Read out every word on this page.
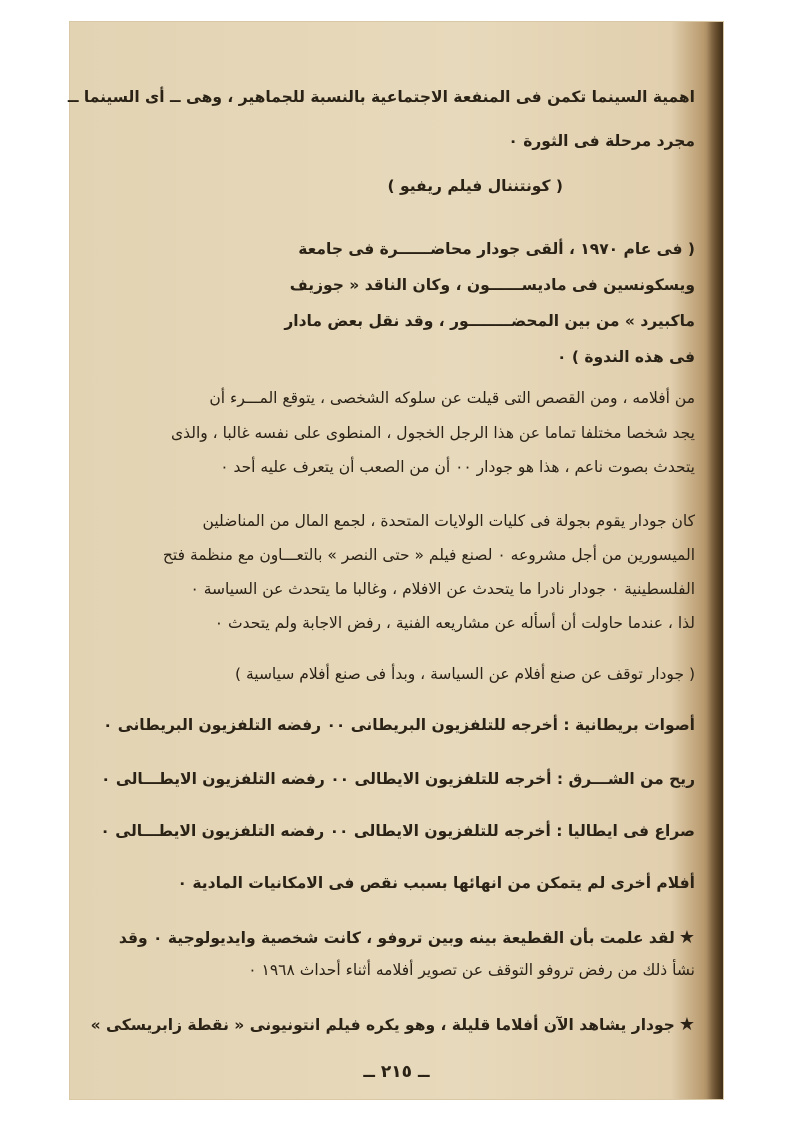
اهمية السينما تكمن فى المنفعة الاجتماعية بالنسبة للجماهير ، وهى ــ أى السينما ــ
مجرد مرحلة فى الثورة ٠
( كونتننال فيلم ريفيو )
( فى عام ١٩٧٠ ، ألقى جودار محاضــــــرة فى جامعة
ويسكونسين فى ماديســــــون ، وكان الناقد « جوزيف
ماكبيرد » من بين المحضــــــــور ، وقد نقل بعض مادار
فى هذه الندوة ) ٠
من أفلامه ، ومن القصص التى قيلت عن سلوكه الشخصى ، يتوقع المـــرء أن
يجد شخصا مختلفا تماما عن هذا الرجل الخجول ، المنطوى على نفسه غالبا ، والذى
يتحدث بصوت ناعم ، هذا هو جودار ٠٠ أن من الصعب أن يتعرف عليه أحد ٠
كان جودار يقوم بجولة فى كليات الولايات المتحدة ، لجمع المال من المناضلين
الميسورين من أجل مشروعه ٠ لصنع فيلم « حتى النصر » بالتعـــاون مع منظمة فتح
الفلسطينية ٠ جودار نادرا ما يتحدث عن الافلام ، وغالبا ما يتحدث عن السياسة ٠
لذا ، عندما حاولت أن أسأله عن مشاريعه الفنية ، رفض الاجابة ولم يتحدث ٠
( جودار توقف عن صنع أفلام عن السياسة ، وبدأ فى صنع أفلام سياسية )
أصوات بريطانية : أخرجه للتلفزيون البريطانى ٠٠ رفضه التلفزيون البريطانى ٠
ريح من الشـــرق : أخرجه للتلفزيون الايطالى ٠٠ رفضه التلفزيون الايطـــالى ٠
صراع فى ايطاليا : أخرجه للتلفزيون الايطالى ٠٠ رفضه التلفزيون الايطـــالى ٠
أفلام أخرى لم يتمكن من انهائها بسبب نقص فى الامكانيات المادية ٠
★لقد علمت بأن القطيعة بينه وبين تروفو ، كانت شخصية وايديولوجية ٠ وقد
نشأ ذلك من رفض تروفو التوقف عن تصوير أفلامه أثناء أحداث ١٩٦٨ ٠
★جودار يشاهد الآن أفلاما قليلة ، وهو يكره فيلم انتونيونى « نقطة زابريسكى »
ــ ٢١٥ ــ
